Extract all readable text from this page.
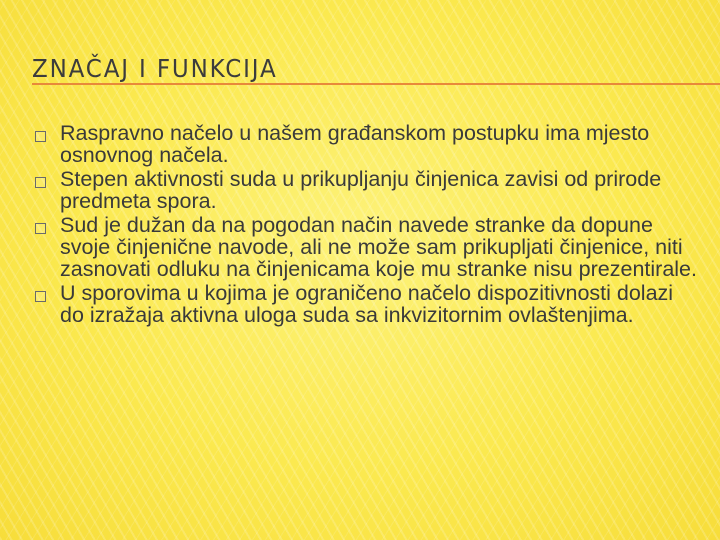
ZNAČAJ I FUNKCIJA
Raspravno načelo u našem građanskom postupku ima mjesto osnovnog načela.
Stepen aktivnosti suda u prikupljanju činjenica zavisi od prirode predmeta spora.
Sud je dužan da na pogodan način navede stranke da dopune svoje činjenične navode, ali ne može sam prikupljati činjenice, niti zasnovati odluku na činjenicama koje mu stranke nisu prezentirale.
U sporovima u kojima je ograničeno načelo dispozitivnosti dolazi do izražaja aktivna uloga suda sa inkvizitornim ovlaštenjima.
